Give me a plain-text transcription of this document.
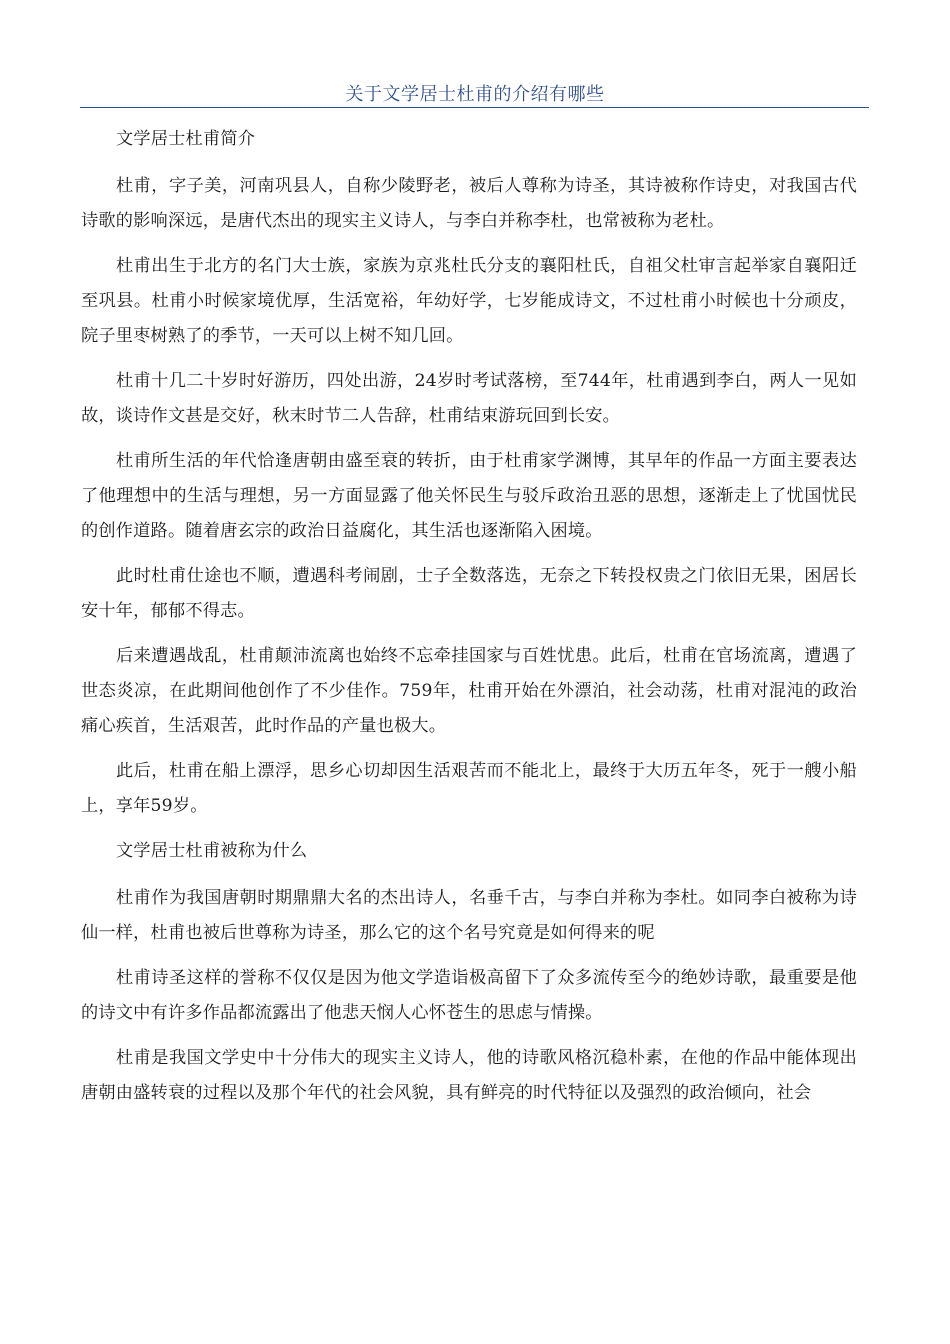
关于文学居士杜甫的介绍有哪些

文学居士杜甫简介

杜甫，字子美，河南巩县人，自称少陵野老，被后人尊称为诗圣，其诗被称作诗史，对我国古代诗歌的影响深远，是唐代杰出的现实主义诗人，与李白并称李杜，也常被称为老杜。

杜甫出生于北方的名门大士族，家族为京兆杜氏分支的襄阳杜氏，自祖父杜审言起举家自襄阳迁至巩县。杜甫小时候家境优厚，生活宽裕，年幼好学，七岁能成诗文，不过杜甫小时候也十分顽皮，院子里枣树熟了的季节，一天可以上树不知几回。

杜甫十几二十岁时好游历，四处出游，24岁时考试落榜，至744年，杜甫遇到李白，两人一见如故，谈诗作文甚是交好，秋末时节二人告辞，杜甫结束游玩回到长安。

杜甫所生活的年代恰逢唐朝由盛至衰的转折，由于杜甫家学渊博，其早年的作品一方面主要表达了他理想中的生活与理想，另一方面显露了他关怀民生与驳斥政治丑恶的思想，逐渐走上了忧国忧民的创作道路。随着唐玄宗的政治日益腐化，其生活也逐渐陷入困境。

此时杜甫仕途也不顺，遭遇科考闹剧，士子全数落选，无奈之下转投权贵之门依旧无果，困居长安十年，郁郁不得志。

后来遭遇战乱，杜甫颠沛流离也始终不忘牵挂国家与百姓忧患。此后，杜甫在官场流离，遭遇了世态炎凉，在此期间他创作了不少佳作。759年，杜甫开始在外漂泊，社会动荡，杜甫对混沌的政治痛心疾首，生活艰苦，此时作品的产量也极大。

此后，杜甫在船上漂浮，思乡心切却因生活艰苦而不能北上，最终于大历五年冬，死于一艘小船上，享年59岁。

文学居士杜甫被称为什么

杜甫作为我国唐朝时期鼎鼎大名的杰出诗人，名垂千古，与李白并称为李杜。如同李白被称为诗仙一样，杜甫也被后世尊称为诗圣，那么它的这个名号究竟是如何得来的呢

杜甫诗圣这样的誉称不仅仅是因为他文学造诣极高留下了众多流传至今的绝妙诗歌，最重要是他的诗文中有许多作品都流露出了他悲天悯人心怀苍生的思虑与情操。

杜甫是我国文学史中十分伟大的现实主义诗人，他的诗歌风格沉稳朴素，在他的作品中能体现出唐朝由盛转衰的过程以及那个年代的社会风貌，具有鲜亮的时代特征以及强烈的政治倾向，社会
